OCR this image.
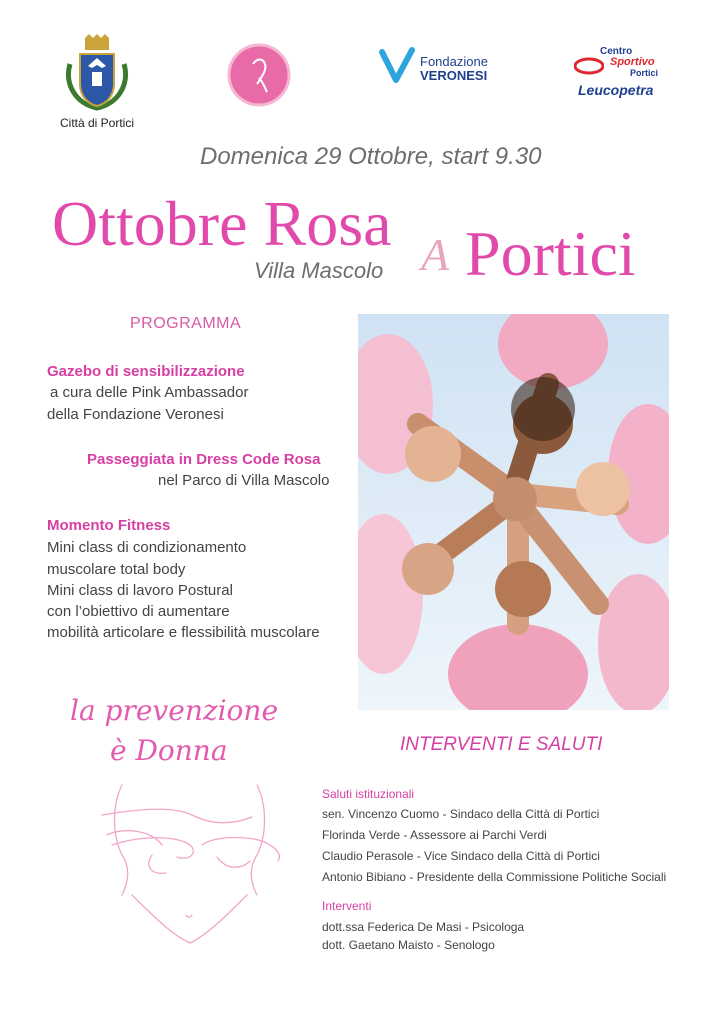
Città di Portici
Fondazione
VERONESI
Centro
Sportivo
Portici
Leucopetra
Domenica 29 Ottobre, start 9.30
Ottobre Rosa A Portici
Villa Mascolo
PROGRAMMA
Gazebo di sensibilizzazione
a cura delle Pink Ambassador
della Fondazione Veronesi
Passeggiata in Dress Code Rosa
nel Parco di Villa Mascolo
Momento Fitness
Mini class di condizionamento
muscolare total body
Mini class di lavoro Postural
con l’obiettivo di aumentare
mobilità articolare e flessibilità muscolare
la prevenzione
è Donna	INTERVENTI E SALUTI
Saluti istituzionali
sen. Vincenzo Cuomo - Sindaco della Città di Portici
Florinda Verde - Assessore ai Parchi Verdi
Claudio Perasole - Vice Sindaco della Città di Portici
Antonio Bibiano - Presidente della Commissione Politiche Sociali
Interventi
dott.ssa Federica De Masi - Psicologa
dott. Gaetano Maisto - Senologo
